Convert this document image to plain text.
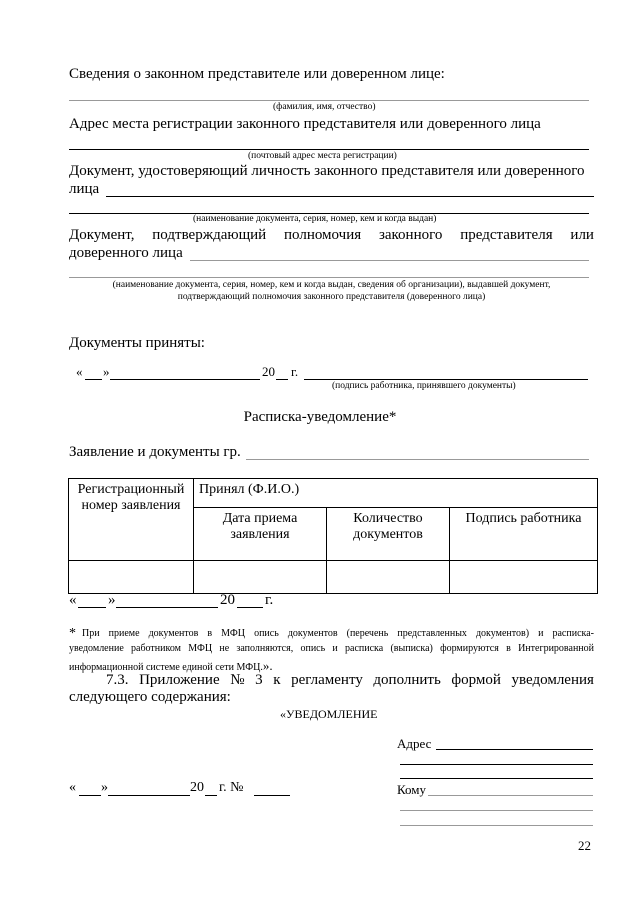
Сведения о законном представителе или доверенном лице:
(фамилия, имя, отчество)
Адрес места регистрации законного представителя или доверенного лица
(почтовый адрес места регистрации)
Документ, удостоверяющий личность законного представителя или доверенного
лица
(наименование документа, серия, номер, кем и когда выдан)
Документ, подтверждающий полномочия законного представителя или
доверенного лица
(наименование документа, серия, номер, кем и когда выдан, сведения об организации), выдавшей документ,
подтверждающий полномочия законного представителя (доверенного лица)
Документы приняты:
« »	20 г.
(подпись работника, принявшего документы)
Расписка-уведомление*
Заявление и документы гр.
Регистрационный номер заявления	Принял (Ф.И.О.)		
	Дата приема заявления	Количество документов	Подпись работника

« »	20 г.
* При приеме документов в МФЦ опись документов (перечень представленных документов) и расписка-
уведомление работником МФЦ не заполняются, опись и расписка (выписка) формируются в Интегрированной
информационной системе единой сети МФЦ.».
7.3. Приложение № 3 к регламенту дополнить формой уведомления
следующего содержания:
«УВЕДОМЛЕНИЕ
Адрес
« »	20 г. №	Кому
22
